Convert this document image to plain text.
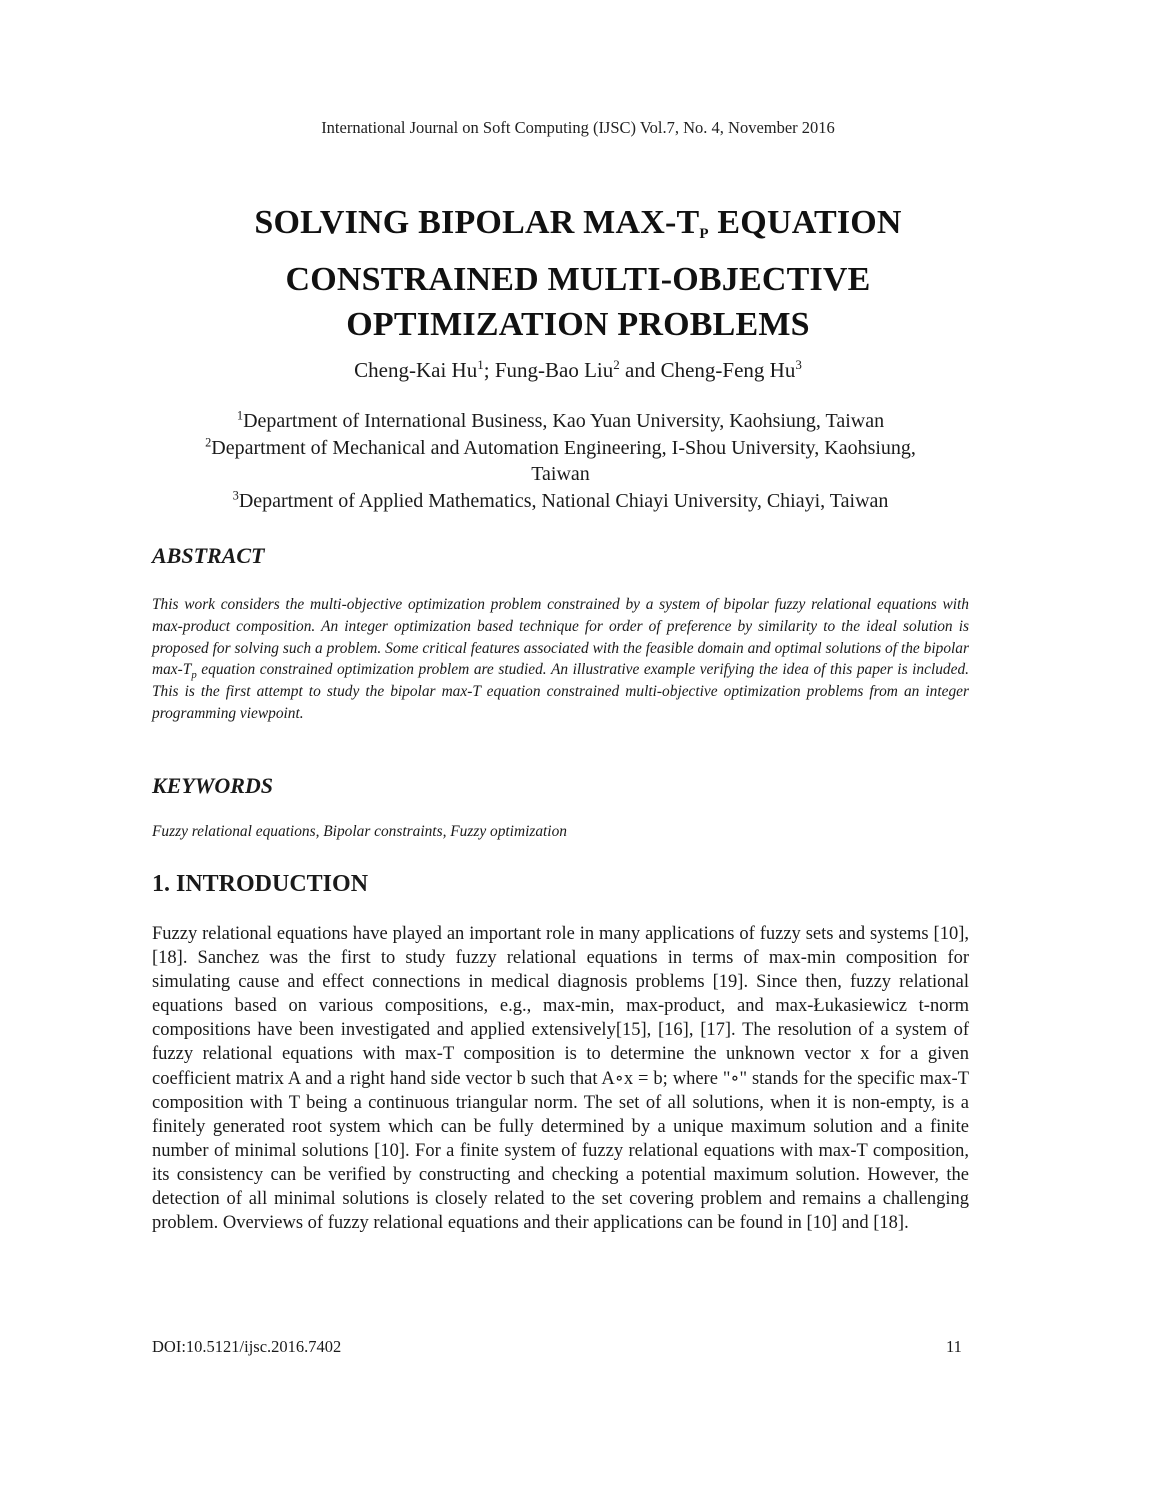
International Journal on Soft Computing (IJSC) Vol.7, No. 4, November 2016
SOLVING BIPOLAR MAX-$T_P$ EQUATION
CONSTRAINED MULTI-OBJECTIVE
OPTIMIZATION PROBLEMS
Cheng-Kai Hu$^1$; Fung-Bao Liu$^2$ and Cheng-Feng Hu$^3$
$^1$Department of International Business, Kao Yuan University, Kaohsiung, Taiwan
$^2$Department of Mechanical and Automation Engineering, I-Shou University, Kaohsiung,
Taiwan
$^3$Department of Applied Mathematics, National Chiayi University, Chiayi, Taiwan
ABSTRACT
This work considers the multi-objective optimization problem constrained by a system of bipolar fuzzy relational equations with max-product composition. An integer optimization based technique for order of preference by similarity to the ideal solution is proposed for solving such a problem. Some critical features associated with the feasible domain and optimal solutions of the bipolar $\max-T_p$ equation constrained optimization problem are studied. An illustrative example verifying the idea of this paper is included. This is the first attempt to study the bipolar max-T equation constrained multi-objective optimization problems from an integer programming viewpoint.
KEYWORDS
Fuzzy relational equations, Bipolar constraints, Fuzzy optimization
1. INTRODUCTION
Fuzzy relational equations have played an important role in many applications of fuzzy sets and systems [10], [18]. Sanchez was the first to study fuzzy relational equations in terms of max-min composition for simulating cause and effect connections in medical diagnosis problems [19]. Since then, fuzzy relational equations based on various compositions, e.g., max-min, max-product, and max-Łukasiewicz t-norm compositions have been investigated and applied extensively[15], [16], [17]. The resolution of a system of fuzzy relational equations with max-T composition is to determine the unknown vector x for a given coefficient matrix A and a right hand side vector b such that A∘x = b; where "∘" stands for the specific max-T composition with T being a continuous triangular norm. The set of all solutions, when it is non-empty, is a finitely generated root system which can be fully determined by a unique maximum solution and a finite number of minimal solutions [10]. For a finite system of fuzzy relational equations with max-T composition, its consistency can be verified by constructing and checking a potential maximum solution. However, the detection of all minimal solutions is closely related to the set covering problem and remains a challenging problem. Overviews of fuzzy relational equations and their applications can be found in [10] and [18].
DOI:10.5121/ijsc.2016.7402	11
